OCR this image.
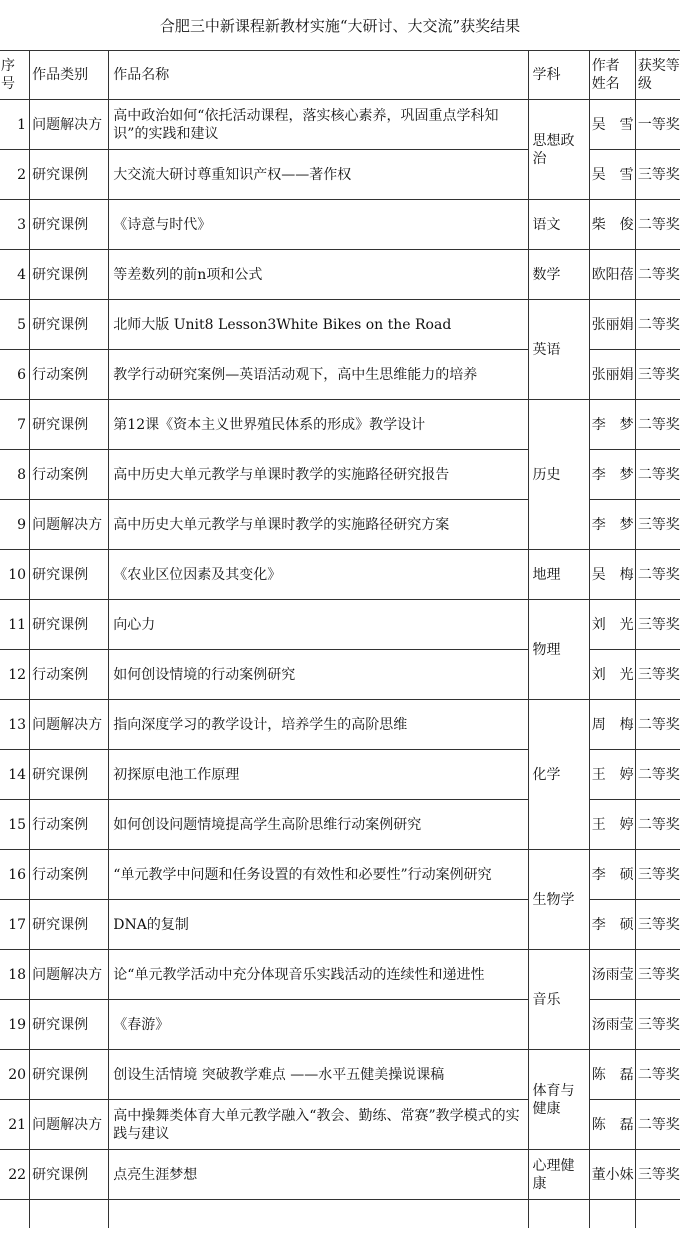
合肥三中新课程新教材实施“大研讨、大交流”获奖结果
序号	作品类别	作品名称	学科	作者姓名	获奖等级
1	问题解决方	高中政治如何“依托活动课程，落实核心素养，巩固重点学科知识”的实践和建议	思想政治	吴　雪	一等奖
2	研究课例	大交流大研讨尊重知识产权——著作权		吴　雪	三等奖
3	研究课例	《诗意与时代》	语文	柴　俊	二等奖
4	研究课例	等差数列的前n项和公式	数学	欧阳蓓	二等奖
5	研究课例	北师大版 Unit8 Lesson3White Bikes on the Road	英语	张丽娟	二等奖
6	行动案例	教学行动研究案例—英语活动观下，高中生思维能力的培养		张丽娟	三等奖
7	研究课例	第12课《资本主义世界殖民体系的形成》教学设计	历史	李　梦	二等奖
8	行动案例	高中历史大单元教学与单课时教学的实施路径研究报告		李　梦	二等奖
9	问题解决方	高中历史大单元教学与单课时教学的实施路径研究方案		李　梦	三等奖
10	研究课例	《农业区位因素及其变化》	地理	吴　梅	二等奖
11	研究课例	向心力	物理	刘　光	三等奖
12	行动案例	如何创设情境的行动案例研究		刘　光	三等奖
13	问题解决方	指向深度学习的教学设计，培养学生的高阶思维	化学	周　梅	二等奖
14	研究课例	初探原电池工作原理		王　婷	二等奖
15	行动案例	如何创设问题情境提高学生高阶思维行动案例研究		王　婷	二等奖
16	行动案例	“单元教学中问题和任务设置的有效性和必要性”行动案例研究	生物学	李　硕	三等奖
17	研究课例	DNA的复制		李　硕	三等奖
18	问题解决方	论“单元教学活动中充分体现音乐实践活动的连续性和递进性	音乐	汤雨莹	三等奖
19	研究课例	《春游》		汤雨莹	三等奖
20	研究课例	创设生活情境 突破教学难点 ——水平五健美操说课稿	体育与健康	陈　磊	二等奖
21	问题解决方	高中操舞类体育大单元教学融入“教会、勤练、常赛”教学模式的实践与建议		陈　磊	二等奖
22	研究课例	点亮生涯梦想	心理健康	董小妹	三等奖
